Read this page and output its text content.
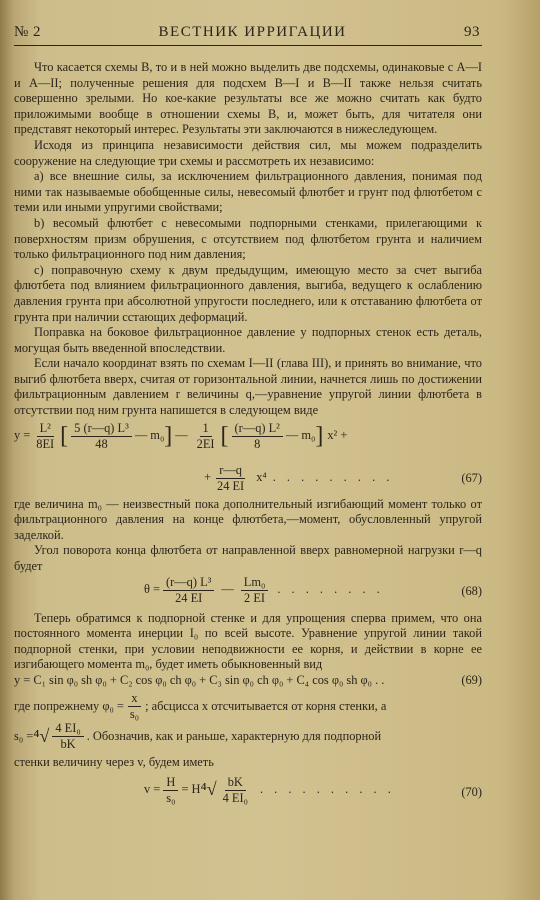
№ 2	ВЕСТНИК ИРРИГАЦИИ	93

Что касается схемы В, то и в ней можно выделить две подсхемы, одинаковые с А—I и А—II; полученные решения для подсхем В—I и В—II также нельзя считать совершенно зрелыми. Но кое-какие результаты все же можно считать как будто приложимыми вообще в отношении схемы В, и, может быть, для читателя они представят некоторый интерес. Результаты эти заключаются в нижеследующем.

Исходя из принципа независимости действия сил, мы можем подразделить сооружение на следующие три схемы и рассмотреть их независимо:

а) все внешние силы, за исключением фильтрационного давления, понимая под ними так называемые обобщенные силы, невесомый флютбет и грунт под флютбетом с теми или иными упругими свойствами;

b) весомый флютбет с невесомыми подпорными стенками, прилегающими к поверхностям призм обрушения, с отсутствием под флютбетом грунта и наличием только фильтрационного под ним давления;

с) поправочную схему к двум предыдущим, имеющую место за счет выгиба флютбета под влиянием фильтрационного давления, выгиба, ведущего к ослаблению давления грунта при абсолютной упругости последнего, или к отставанию флютбета от грунта при наличии сстающих деформаций.

Поправка на боковое фильтрационное давление у подпорных стенок есть деталь, могущая быть введенной впоследствии.

Если начало координат взять по схемам I—II (глава III), и принять во внимание, что выгиб флютбета вверх, считая от горизонтальной линии, начнется лишь по достижении фильтрационным давлением r величины q,—уравнение упругой линии флютбета в отсутствии под ним грунта напишется в следующем виде

$y = \frac{\text{L²}}{8EI}$ [ $\frac{\text{5 (r—q) L³}}{48}$ — m₀ ] — $\frac{1}{2EI}$ [ $\frac{\text{(r—q) L²}}{8}$ — m₀ ] x² +
+ $\frac{r—q}{24 EI} x^4$ . . . . . . . . .	(67)

где величина m₀ — неизвестный пока дополнительный изгибающий момент только от фильтрационного давления на конце флютбета,—момент, обусловленный упругой заделкой.

Угол поворота конца флютбета от направленной вверх равномерной нагрузки r—q будет

$\theta = \frac{\text{(r—q) L³}}{24 EI}$ — $\frac{\text{Lm₀}}{2 EI}$ . . . . . . . .	(68)

Теперь обратимся к подпорной стенке и для упрощения сперва примем, что она постоянного момента инерции I₀ по всей высоте. Уравнение упругой линии такой подпорной стенки, при условии неподвижности ее корня, и действии в корне ее изгибающего момента m₀, будет иметь обыкновенный вид

y = C₁ sin φ₀ sh φ₀ + C₂ cos φ₀ ch φ₀ + C₃ sin φ₀ ch φ₀ + C₄ cos φ₀ sh φ₀ . .	(69)
где попрежнему $\varphi_0 = \frac{x}{\text{s₀}}$ ; абсцисса x отсчитывается от корня стенки, а
$s_0 = ^4√ \frac{\text{4 EI₀}}{bK}$ . Обозначив, как и раньше, характерную для подпорной

стенки величину через v, будем иметь

$v = \frac{H}{\text{s₀}} = H$ $^4√ \frac{bK}{\text{4 EI₀}}$ . . . . . . . . . .	(70)
